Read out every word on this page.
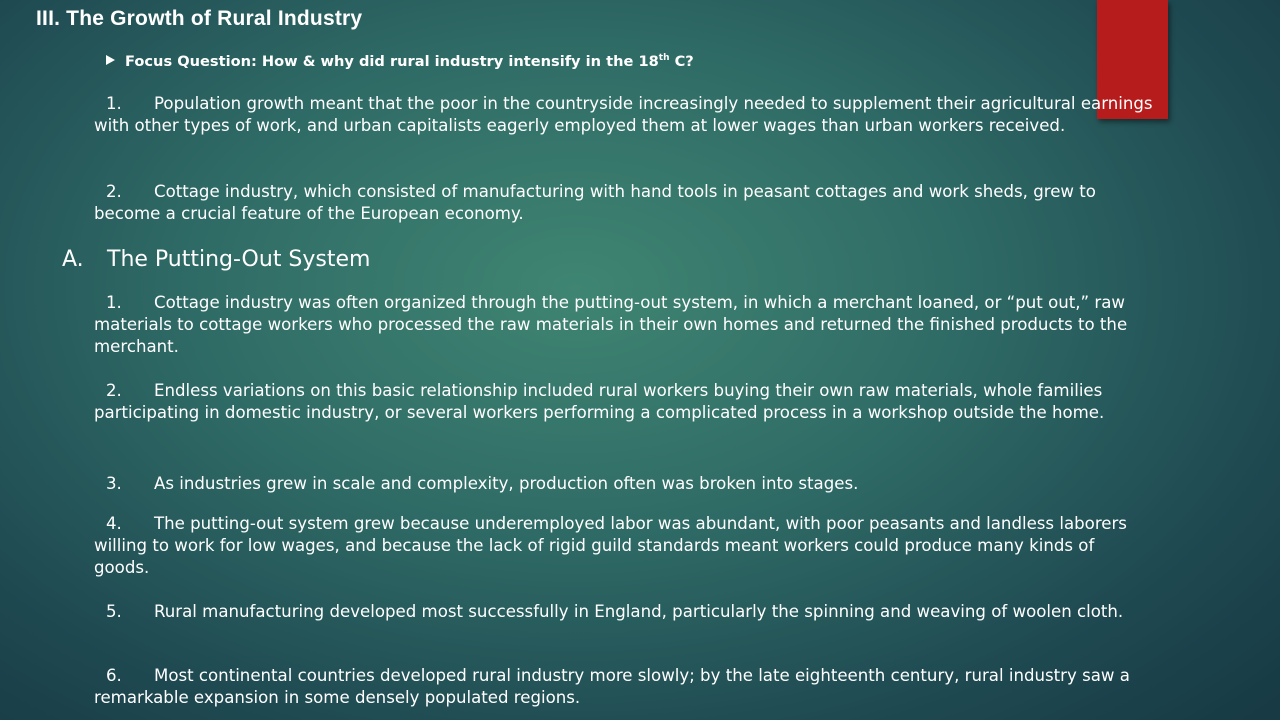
III. The Growth of Rural Industry
Focus Question: How & why did rural industry intensify in the 18th C?
1. Population growth meant that the poor in the countryside increasingly needed to supplement their agricultural earnings with other types of work, and urban capitalists eagerly employed them at lower wages than urban workers received.
2. Cottage industry, which consisted of manufacturing with hand tools in peasant cottages and work sheds, grew to become a crucial feature of the European economy.
A. The Putting-Out System
1. Cottage industry was often organized through the putting-out system, in which a merchant loaned, or “put out,” raw materials to cottage workers who processed the raw materials in their own homes and returned the finished products to the merchant.
2. Endless variations on this basic relationship included rural workers buying their own raw materials, whole families participating in domestic industry, or several workers performing a complicated process in a workshop outside the home.
3. As industries grew in scale and complexity, production often was broken into stages.
4. The putting-out system grew because underemployed labor was abundant, with poor peasants and landless laborers willing to work for low wages, and because the lack of rigid guild standards meant workers could produce many kinds of goods.
5. Rural manufacturing developed most successfully in England, particularly the spinning and weaving of woolen cloth.
6. Most continental countries developed rural industry more slowly; by the late eighteenth century, rural industry saw a remarkable expansion in some densely populated regions.
